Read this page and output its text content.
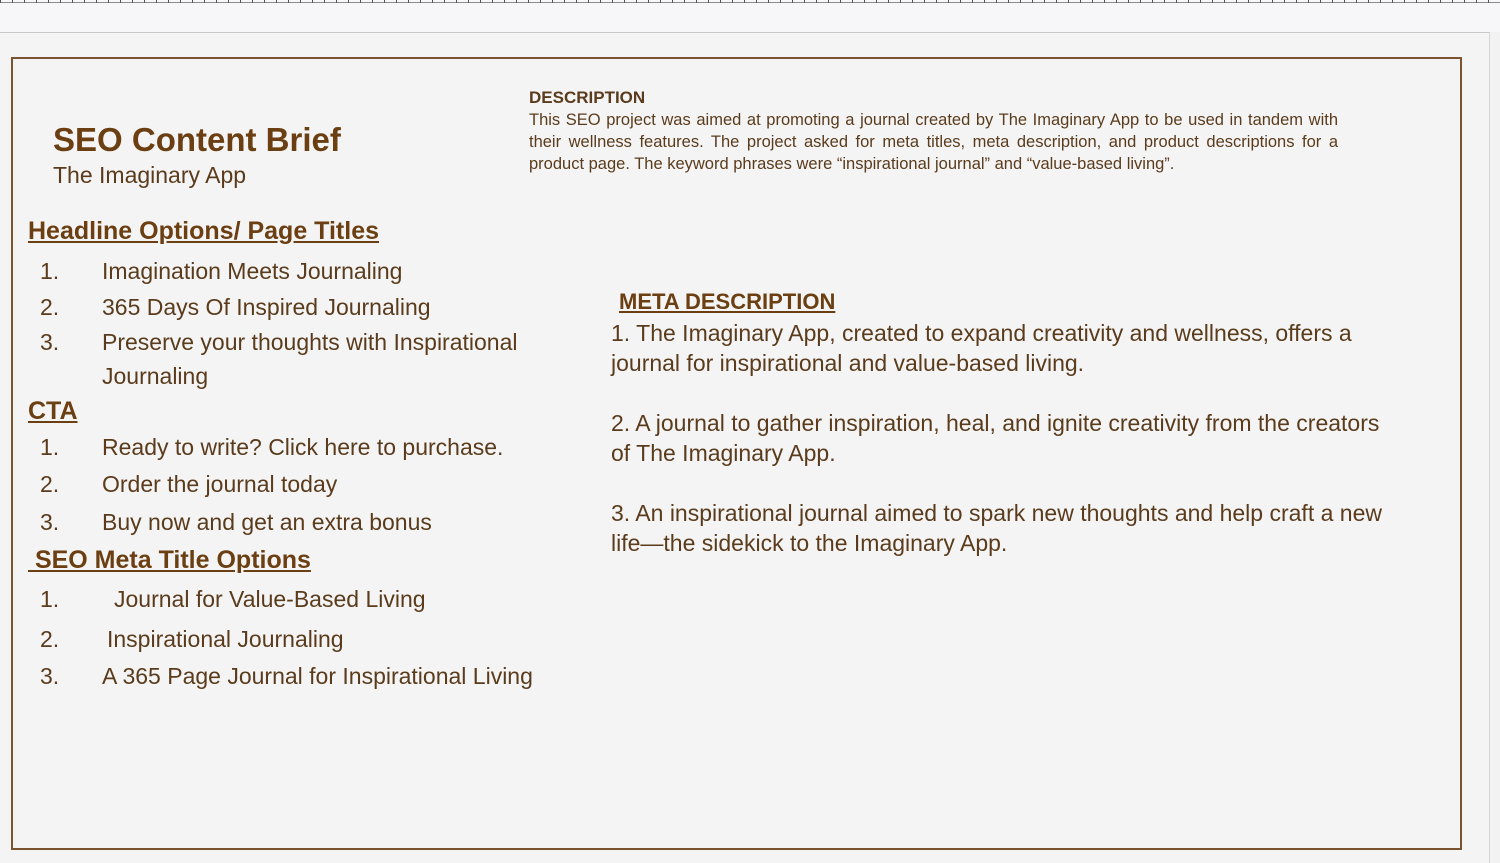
SEO Content Brief
The Imaginary App
DESCRIPTION
This SEO project was aimed at promoting a journal created by The Imaginary App to be used in tandem with their wellness features. The project asked for meta titles, meta description, and product descriptions for a product page. The keyword phrases were “inspirational journal” and “value-based living”.
Headline Options/ Page Titles
1. Imagination Meets Journaling
2. 365 Days Of Inspired Journaling
3. Preserve your thoughts with Inspirational
Journaling
CTA
1. Ready to write? Click here to purchase.
2. Order the journal today
3. Buy now and get an extra bonus
SEO Meta Title Options
1. Journal for Value-Based Living
2. Inspirational Journaling
3. A 365 Page Journal for Inspirational Living
META DESCRIPTION
1. The Imaginary App, created to expand creativity and wellness, offers a journal for inspirational and value-based living.
2. A journal to gather inspiration, heal, and ignite creativity from the creators of The Imaginary App.
3. An inspirational journal aimed to spark new thoughts and help craft a new life—the sidekick to the Imaginary App.
